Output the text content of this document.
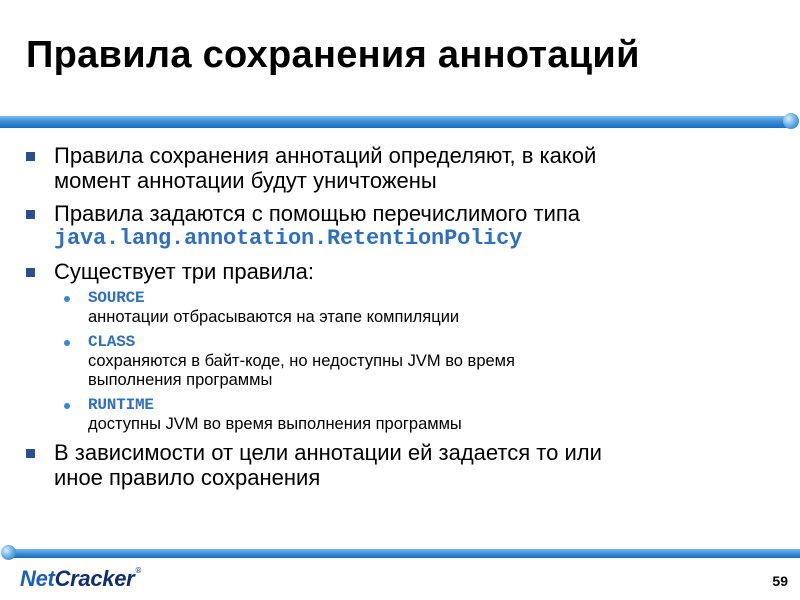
Правила сохранения аннотаций
Правила сохранения аннотаций определяют, в какой
момент аннотации будут уничтожены
Правила задаются с помощью перечислимого типа
java.lang.annotation.RetentionPolicy
Существует три правила:
SOURCE
аннотации отбрасываются на этапе компиляции
CLASS
сохраняются в байт-коде, но недоступны JVM во время
выполнения программы
RUNTIME
доступны JVM во время выполнения программы
В зависимости от цели аннотации ей задается то или
иное правило сохранения
NetCracker®
59
